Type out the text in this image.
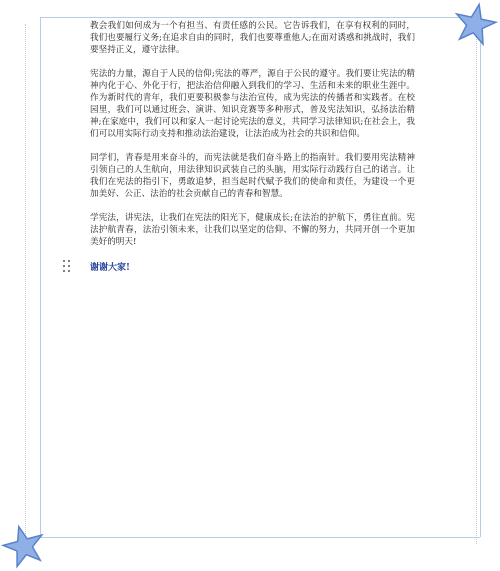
教会我们如何成为一个有担当、有责任感的公民。它告诉我们，在享有权利的同时，我们也要履行义务;在追求自由的同时，我们也要尊重他人;在面对诱惑和挑战时，我们要坚持正义，遵守法律。

宪法的力量，源自于人民的信仰;宪法的尊严，源自于公民的遵守。我们要让宪法的精神内化于心、外化于行，把法治信仰融入到我们的学习、生活和未来的职业生涯中。作为新时代的青年，我们更要积极参与法治宣传，成为宪法的传播者和实践者。在校园里，我们可以通过班会、演讲、知识竞赛等多种形式，普及宪法知识，弘扬法治精神;在家庭中，我们可以和家人一起讨论宪法的意义，共同学习法律知识;在社会上，我们可以用实际行动支持和推动法治建设，让法治成为社会的共识和信仰。

同学们，青春是用来奋斗的，而宪法就是我们奋斗路上的指南针。我们要用宪法精神引领自己的人生航向，用法律知识武装自己的头脑，用实际行动践行自己的诺言。让我们在宪法的指引下，勇敢追梦，担当起时代赋予我们的使命和责任，为建设一个更加美好、公正、法治的社会贡献自己的青春和智慧。

学宪法，讲宪法，让我们在宪法的阳光下，健康成长;在法治的护航下，勇往直前。宪法护航青春，法治引领未来，让我们以坚定的信仰、不懈的努力，共同开创一个更加美好的明天!

谢谢大家!
